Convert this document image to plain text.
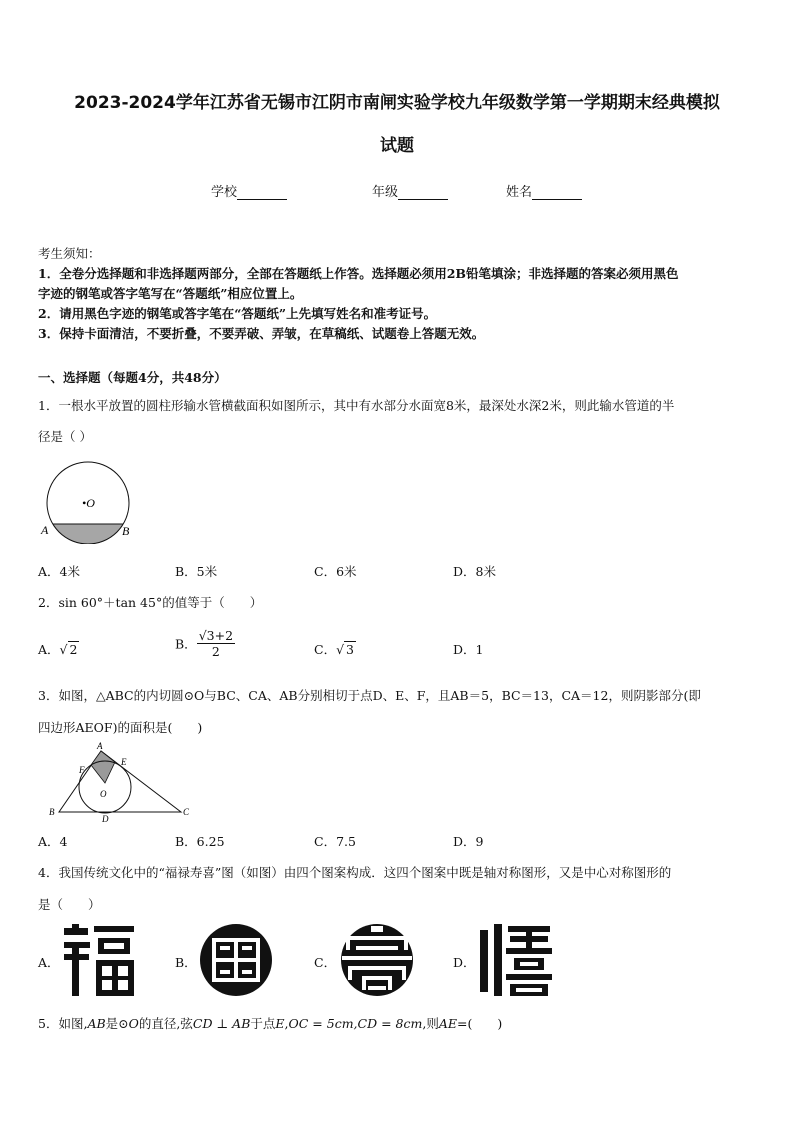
2023-2024学年江苏省无锡市江阴市南闸实验学校九年级数学第一学期期末经典模拟
试题
学校	年级	姓名
考生须知：
1．全卷分选择题和非选择题两部分，全部在答题纸上作答。选择题必须用2B铅笔填涂；非选择题的答案必须用黑色
字迹的钢笔或答字笔写在“答题纸”相应位置上。
2．请用黑色字迹的钢笔或答字笔在“答题纸”上先填写姓名和准考证号。
3．保持卡面清洁，不要折叠，不要弄破、弄皱，在草稿纸、试题卷上答题无效。
一、选择题（每题4分，共48分）
1．一根水平放置的圆柱形输水管横截面积如图所示，其中有水部分水面宽8米，最深处水深2米，则此输水管道的半
径是（ ）
•O
A	B
A．4米	B．5米	C．6米	D．8米
2．sin 60°＋tan 45°的值等于（　　）
A．√ 2	B． $\frac{√3+2}{2}$	C．√ 3	D．1
3．如图，△ABC的内切圆⊙O与BC、CA、AB分别相切于点D、E、F，且AB＝5，BC＝13，CA＝12，则阴影部分(即
四边形AEOF)的面积是(　　)
A
B	C
D
E
F
O
A．4	B．6.25	C．7.5	D．9
4．我国传统文化中的“福禄寿喜”图（如图）由四个图案构成．这四个图案中既是轴对称图形，又是中心对称图形的
是（　　）
A．	B．	C．	D．
5．如图,AB是⊙O的直径,弦CD ⊥ AB于点E,OC = 5cm,CD = 8cm,则AE=(　　)
